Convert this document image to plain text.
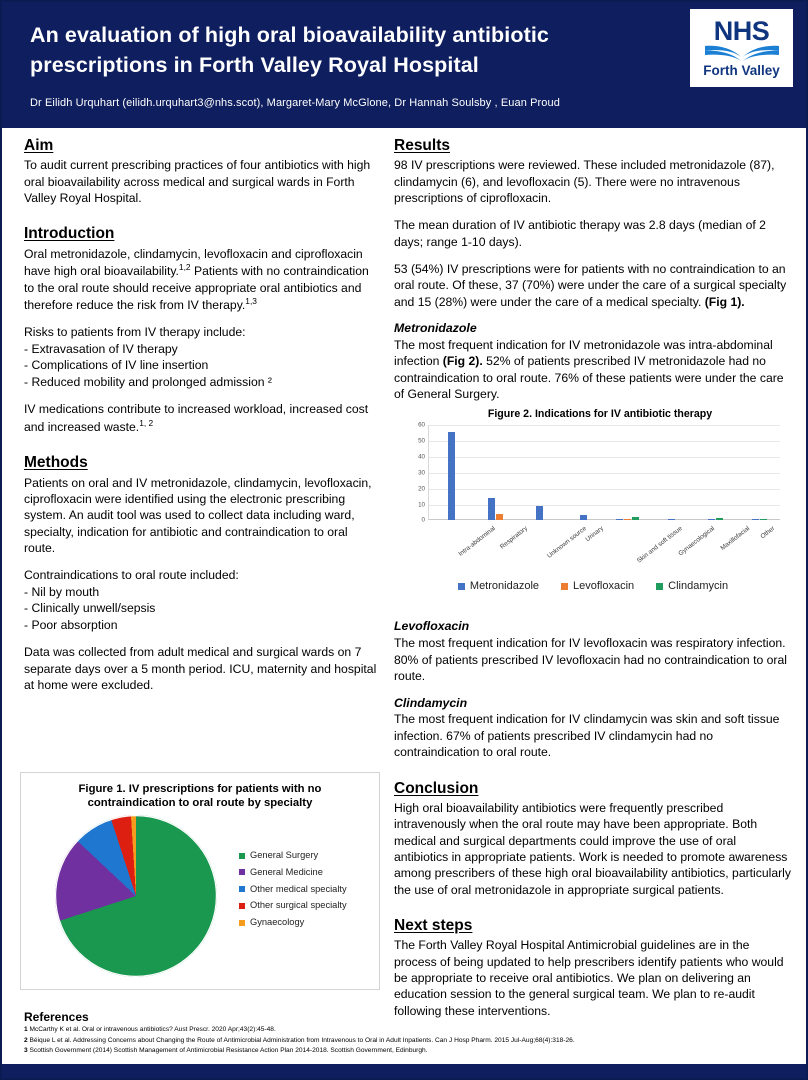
An evaluation of high oral bioavailability antibiotic prescriptions in Forth Valley Royal Hospital
Dr Eilidh Urquhart (eilidh.urquhart3@nhs.scot), Margaret-Mary McGlone, Dr Hannah Soulsby , Euan Proud
NHS
Forth Valley
Aim

To audit current prescribing practices of four antibiotics with high oral bioavailability across medical and surgical wards in Forth Valley Royal Hospital.

Introduction

Oral metronidazole, clindamycin, levofloxacin and ciprofloxacin have high oral bioavailability.$^{1,2}$ Patients with no contraindication to the oral route should receive appropriate oral antibiotics and therefore reduce the risk from IV therapy.$^{1,3}$

Risks to patients from IV therapy include:

- Extravasation of IV therapy
- Complications of IV line insertion
- Reduced mobility and prolonged admission ²

IV medications contribute to increased workload, increased cost and increased waste.$^{1, 2}$

Methods

Patients on oral and IV metronidazole, clindamycin, levofloxacin, ciprofloxacin were identified using the electronic prescribing system. An audit tool was used to collect data including ward, specialty, indication for antibiotic and contraindication to oral route.

Contraindications to oral route included:

- Nil by mouth
- Clinically unwell/sepsis
- Poor absorption

Data was collected from adult medical and surgical wards on 7 separate days over a 5 month period. ICU, maternity and hospital at home were excluded.

Results

98 IV prescriptions were reviewed. These included metronidazole (87), clindamycin (6), and levofloxacin (5). There were no intravenous prescriptions of ciprofloxacin.

The mean duration of IV antibiotic therapy was 2.8 days (median of 2 days; range 1-10 days).

53 (54%) IV prescriptions were for patients with no contraindication to an oral route. Of these, 37 (70%) were under the care of a surgical specialty and 15 (28%) were under the care of a medical specialty. (Fig 1).

Metronidazole

The most frequent indication for IV metronidazole was intra-abdominal infection (Fig 2). 52% of patients prescribed IV metronidazole had no contraindication to oral route. 76% of these patients were under the care of General Surgery.

Figure 2. Indications for IV antibiotic therapy
0
10
20
30
40
50
60
Intra-abdominal Respiratory	Unknown source
Urinary	Skin and soft tissue
Gynaecological Maxillofacial Other
Metronidazole	Levofloxacin	Clindamycin
Levofloxacin

The most frequent indication for IV levofloxacin was respiratory infection. 80% of patients prescribed IV levofloxacin had no contraindication to oral route.

Clindamycin

The most frequent indication for IV clindamycin was skin and soft tissue infection. 67% of patients prescribed IV clindamycin had no contraindication to oral route.

Conclusion

High oral bioavailability antibiotics were frequently prescribed intravenously when the oral route may have been appropriate. Both medical and surgical departments could improve the use of oral antibiotics in appropriate patients. Work is needed to promote awareness among prescribers of these high oral bioavailability antibiotics, particularly the use of oral metronidazole in appropriate surgical patients.

Next steps

The Forth Valley Royal Hospital Antimicrobial guidelines are in the process of being updated to help prescribers identify patients who would be appropriate to receive oral antibiotics. We plan on delivering an education session to the general surgical team. We plan to re-audit following these interventions.

Figure 1. IV prescriptions for patients with no contraindication to oral route by specialty
General Surgery
General Medicine
Other medical specialty
Other surgical specialty
Gynaecology
References

1 McCarthy K et al. Oral or intravenous antibiotics? Aust Prescr. 2020 Apr;43(2):45-48.

2 Béique L et al. Addressing Concerns about Changing the Route of Antimicrobial Administration from Intravenous to Oral in Adult Inpatients. Can J Hosp Pharm. 2015 Jul-Aug;68(4):318-26.

3 Scottish Government (2014) Scottish Management of Antimicrobial Resistance Action Plan 2014-2018. Scottish Government, Edinburgh.
